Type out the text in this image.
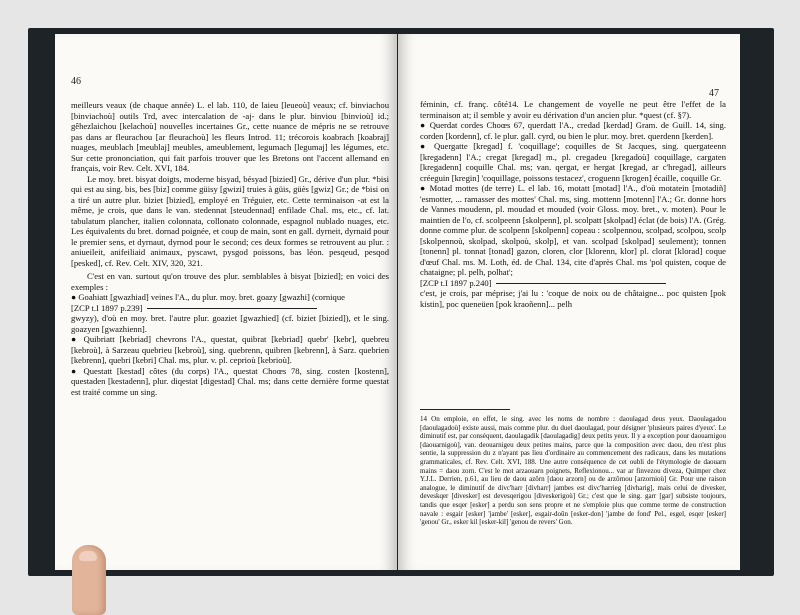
46

meilleurs veaux (de chaque année) L. el lab. 110, de laieu [leueoù] veaux; cf. binviachou [binviachoù] outils Trd, avec intercalation de -aj- dans le plur. binviou [binvioù] id.; gêhezlaichou [kelachoù] nouvelles incertaines Gr., cette nuance de mépris ne se retrouve pas dans ar fleurachou [ar fleurachoù] les fleurs Introd. 11; trécorois koabrach [koabraj] nuages, meublach [meublaj] meubles, ameublement, legumach [legumaj] les légumes, etc. Sur cette prononciation, qui fait parfois trouver que les Bretons ont l'accent allemand en français, voir Rev. Celt. XVI, 184.

Le moy. bret. bisyat doigts, moderne bisyad, bésyad [bizied] Gr., dérive d'un plur. *bisi qui est au sing. bis, bes [biz] comme güisy [gwizi] truies à güis, güès [gwiz] Gr.; de *bisi on a tiré un autre plur. biziet [bizied], employé en Tréguier, etc. Cette terminaison -at est la même, je crois, que dans le van. stedennat [steudennad] enfilade Chal. ms, etc., cf. lat. tabulatum plancher, italien colonnata, collonato colonnade, espagnol nublado nuages, etc. Les équivalents du bret. dornad poignée, et coup de main, sont en gall. dyrneit, dyrnaid pour le premier sens, et dyrnaut, dyrnod pour le second; ces deux formes se retrouvent au plur. : aniueileit, anifeiliaid animaux, pyscawt, pysgod poissons, bas léon. pesqeud, pesqod [pesked], cf. Rev. Celt. XIV, 320, 321.

C'est en van. surtout qu'on trouve des plur. semblables à bisyat [bizied]; en voici des exemples :

● Goahiatt [gwazhiad] veines l'A., du plur. moy. bret. goazy [gwazhi] (cornique

[ZCP t.I 1897 p.239]

gwyzy), d'où en moy. bret. l'autre plur. goaziet [gwazhied] (cf. biziet [bizied]), et le sing. goazyen [gwazhienn].

● Quibriatt [kebriad] chevrons l'A., questat, quibrat [kebriad] quebr' [kebr], quebreu [kebroù], à Sarzeau quebrieu [kebroù], sing. quebrenn, quibren [kebrenn], à Sarz. quebrien [kebrenn], quebri [kebri] Chal. ms, plur. v. pl. ceprioù [kebrioù].

● Questatt [kestad] côtes (du corps) l'A., questat Choœs 78, sing. costen [kostenn], questaden [kestadenn], plur. diqestat [digestad] Chal. ms; dans cette dernière forme questat est traité comme un sing.

47

féminin, cf. franç. côté14. Le changement de voyelle ne peut être l'effet de la terminaison at; il semble y avoir eu dérivation d'un ancien plur. *quest (cf. §7).

● Querdat cordes Choœs 67, querdatt l'A., credad [kerdad] Gram. de Guill. 14, sing. corden [kordenn], cf. le plur. gall. cyrd, ou bien le plur. moy. bret. querdenn [kerden].

● Quergatte [kregad] f. 'coquillage'; coquilles de St Jacques, sing. quergateenn [kregadenn] l'A.; cregat [kregad] m., pl. cregadeu [kregadoù] coquillage, cargaten [kregadenn] coquille Chal. ms; van. qergat, er hergat [kregad, ar c'hregad], ailleurs créeguin [kregin] 'coquillage, poissons testacez', croguenn [krogen] écaille, coquille Gr.

● Motad mottes (de terre) L. el lab. 16, motatt [motad] l'A., d'où motatein [motadiñ] 'esmotter, ... ramasser des mottes' Chal. ms, sing. mottenn [motenn] l'A.; Gr. donne hors de Vannes moudenn, pl. moudad et mouded (voir Gloss. moy. bret., v. moten). Pour le maintien de l'o, cf. scolpeenn [skolpenn], pl. scolpatt [skolpad] éclat (de bois) l'A. (Grég. donne comme plur. de scolpenn [skolpenn] copeau : scolpennou, scolpad, scolpou, scolp [skolpennoù, skolpad, skolpoù, skolp], et van. scolpad [skolpad] seulement); tonnen [tonenn] pl. tonnat [tonad] gazon, cloren, clor [klorenn, klor] pl. clorat [klorad] coque d'œuf Chal. ms. M. Loth, éd. de Chal. 134, cite d'après Chal. ms 'pol quisten, coque de chataigne; pl. pelh, polhat';

[ZCP t.I 1897 p.240]

c'est, je crois, par méprise; j'ai lu : 'coque de noix ou de châtaigne... poc quisten [pok kistin], poc queneüen [pok kraoñenn]... pelh

14 On emploie, en effet, le sing. avec les noms de nombre : daoulagad deus yeux. Daoulagadou [daoulagadoù] existe aussi, mais comme plur. du duel daoulagad, pour désigner 'plusieurs paires d'yeux'. Le diminutif est, par conséquent, daoulagadik [daoulagadig] deux petits yeux. Il y a exception pour daouarnigou [daouarnigoù], van. deouarnigeu deux petites mains, parce que la composition avec daou, deu n'est plus sentie, la suppression du z n'ayant pas lieu d'ordinaire au commencement des radicaux, dans les mutations grammaticales, cf. Rev. Celt. XVI, 188. Une autre conséquence de cet oubli de l'étymologie de daouarn mains = daou zorn. C'est le mot arzaouarn poignets, Reflexionou... var ar finvezou diveza, Quimper chez Y.J.L. Derrien, p.61, au lieu de daou azôrn [daou arzorn] ou de arzôrnou [arzornioù] Gr. Pour une raison analogue, le diminutif de divc'harr [divharr] jambes est divc'harrieg [divharig], mais celui de divesker, deveskqer [divesker] est devesqerigou [diveskerigoù] Gr.; c'est que le sing. garr [gar] subsiste toujours, tandis que esqer [esker] a perdu son sens propre et ne s'emploie plus que comme terme de construction navale : esgair [esker] 'jambe' [esker], esgair-doûn [esker-don] 'jambe de fond' Pel., esgel, esqer [esker] 'genou' Gr., esker kil [esker-kil] 'genou de revers' Gon.
